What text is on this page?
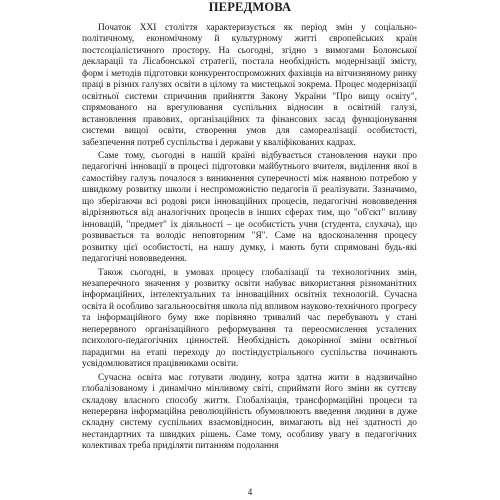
ПЕРЕДМОВА

Початок XXI століття характеризується як період змін у соціально-політичному, економічному й культурному житті європейських країн постсоціалістичного простору. На сьогодні, згідно з вимогами Болонської декларації та Лісабонської стратегії, постала необхідність модернізації змісту, форм і методів підготовки конкурентоспроможних фахівців на вітчизняному ринку праці в різних галузях освіти в цілому та мистецької зокрема. Процес модернізації освітньої системи спричинив прийняття Закону України "Про вищу освіту", спрямованого на врегулювання суспільних відносин в освітній галузі, встановлення правових, організаційних та фінансових засад функціонування системи вищої освіти, створення умов для самореалізації особистості, забезпечення потреб суспільства і держави у кваліфікованих кадрах.

Саме тому, сьогодні в нашій країні відбувається становлення науки про педагогічні інновації в процесі підготовки майбутнього вчителя, виділення якої в самостійну галузь почалося з виникнення суперечності між наявною потребою у швидкому розвитку школи і неспроможністю педагогів її реалізувати. Зазначимо, що зберігаючи всі родові риси інноваційних процесів, педагогічні нововведення відрізняються від аналогічних процесів в інших сферах тим, що "об'єкт" впливу інновацій, "предмет" їх діяльності – це особистість учня (студента, слухача), що розвивається та володіє неповторним "Я". Саме на вдосконалення процесу розвитку цієї особистості, на нашу думку, і мають бути спрямовані будь-які педагогічні нововведення.

Також сьогодні, в умовах процесу глобалізації та технологічних змін, незаперечного значення у розвитку освіти набуває використання різноманітних інформаційних, інтелектуальних та інноваційних освітніх технологій. Сучасна освіта й особливо загальноосвітня школа під впливом науково-технічного прогресу та інформаційного буму вже порівняно тривалий час перебувають у стані неперервного організаційного реформування та переосмислення усталених психолого-педагогічних цінностей. Необхідність докорінної зміни освітньої парадигми на етапі переходу до постіндустріального суспільства починають усвідомлюватися працівниками освіти.

Сучасна освіта має готувати людину, котра здатна жити в надзвичайно глобалізованому і динамічно мінливому світі, сприймати його зміни як суттєву складову власного способу життя. Глобалізація, трансформаційні процеси та неперервна інформаційна революційність обумовлюють введення людини в дуже складну систему суспільних взаємовідносин, вимагають від неї здатності до нестандартних та швидких рішень. Саме тому, особливу увагу в педагогічних колективах треба приділяти питанням подолання

4
